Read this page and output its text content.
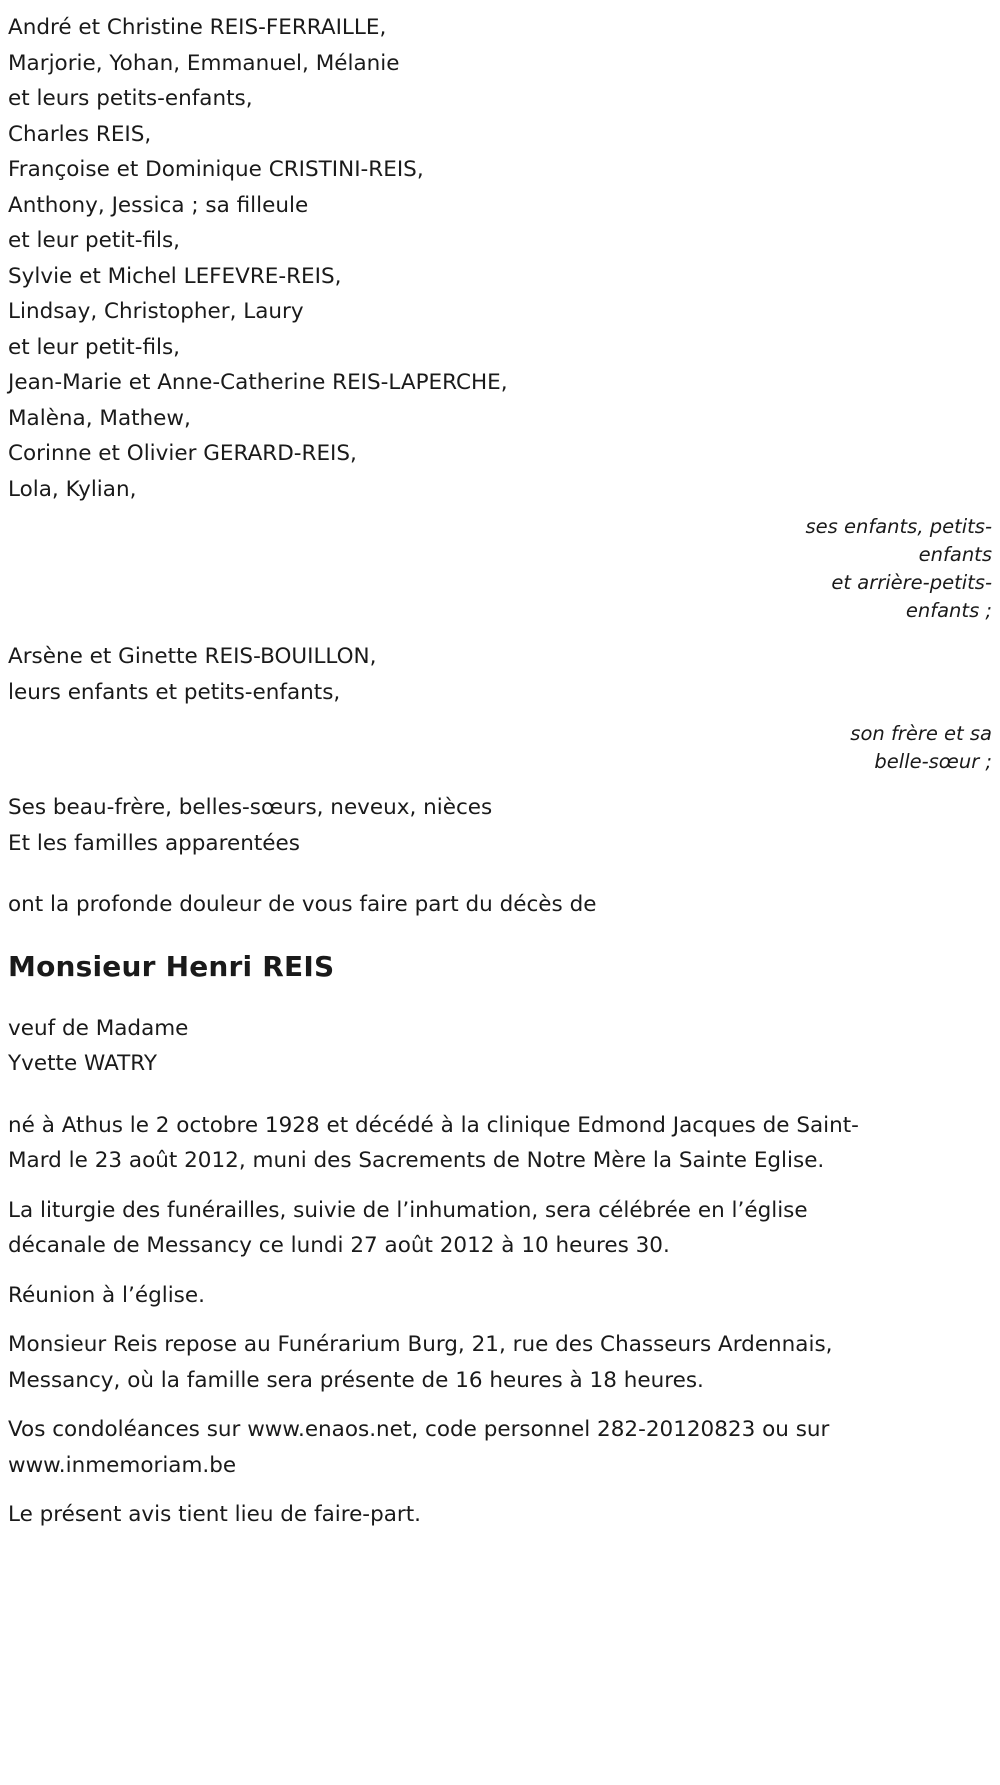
André et Christine REIS-FERRAILLE,
Marjorie, Yohan, Emmanuel, Mélanie
et leurs petits-enfants,
Charles REIS,
Françoise et Dominique CRISTINI-REIS,
Anthony, Jessica ; sa filleule
et leur petit-fils,
Sylvie et Michel LEFEVRE-REIS,
Lindsay, Christopher, Laury
et leur petit-fils,
Jean-Marie et Anne-Catherine REIS-LAPERCHE,
Malèna, Mathew,
Corinne et Olivier GERARD-REIS,
Lola, Kylian,
ses enfants, petits-
enfants
et arrière-petits-
enfants ;
Arsène et Ginette REIS-BOUILLON,
leurs enfants et petits-enfants,
son frère et sa
belle-sœur ;
Ses beau-frère, belles-sœurs, neveux, nièces
Et les familles apparentées
ont la profonde douleur de vous faire part du décès de
Monsieur Henri REIS
veuf de Madame
Yvette WATRY
né à Athus le 2 octobre 1928 et décédé à la clinique Edmond Jacques de Saint-Mard le 23 août 2012, muni des Sacrements de Notre Mère la Sainte Eglise.
La liturgie des funérailles, suivie de l’inhumation, sera célébrée en l’église décanale de Messancy ce lundi 27 août 2012 à 10 heures 30.
Réunion à l’église.
Monsieur Reis repose au Funérarium Burg, 21, rue des Chasseurs Ardennais, Messancy, où la famille sera présente de 16 heures à 18 heures.
Vos condoléances sur www.enaos.net, code personnel 282-20120823 ou sur www.inmemoriam.be
Le présent avis tient lieu de faire-part.
